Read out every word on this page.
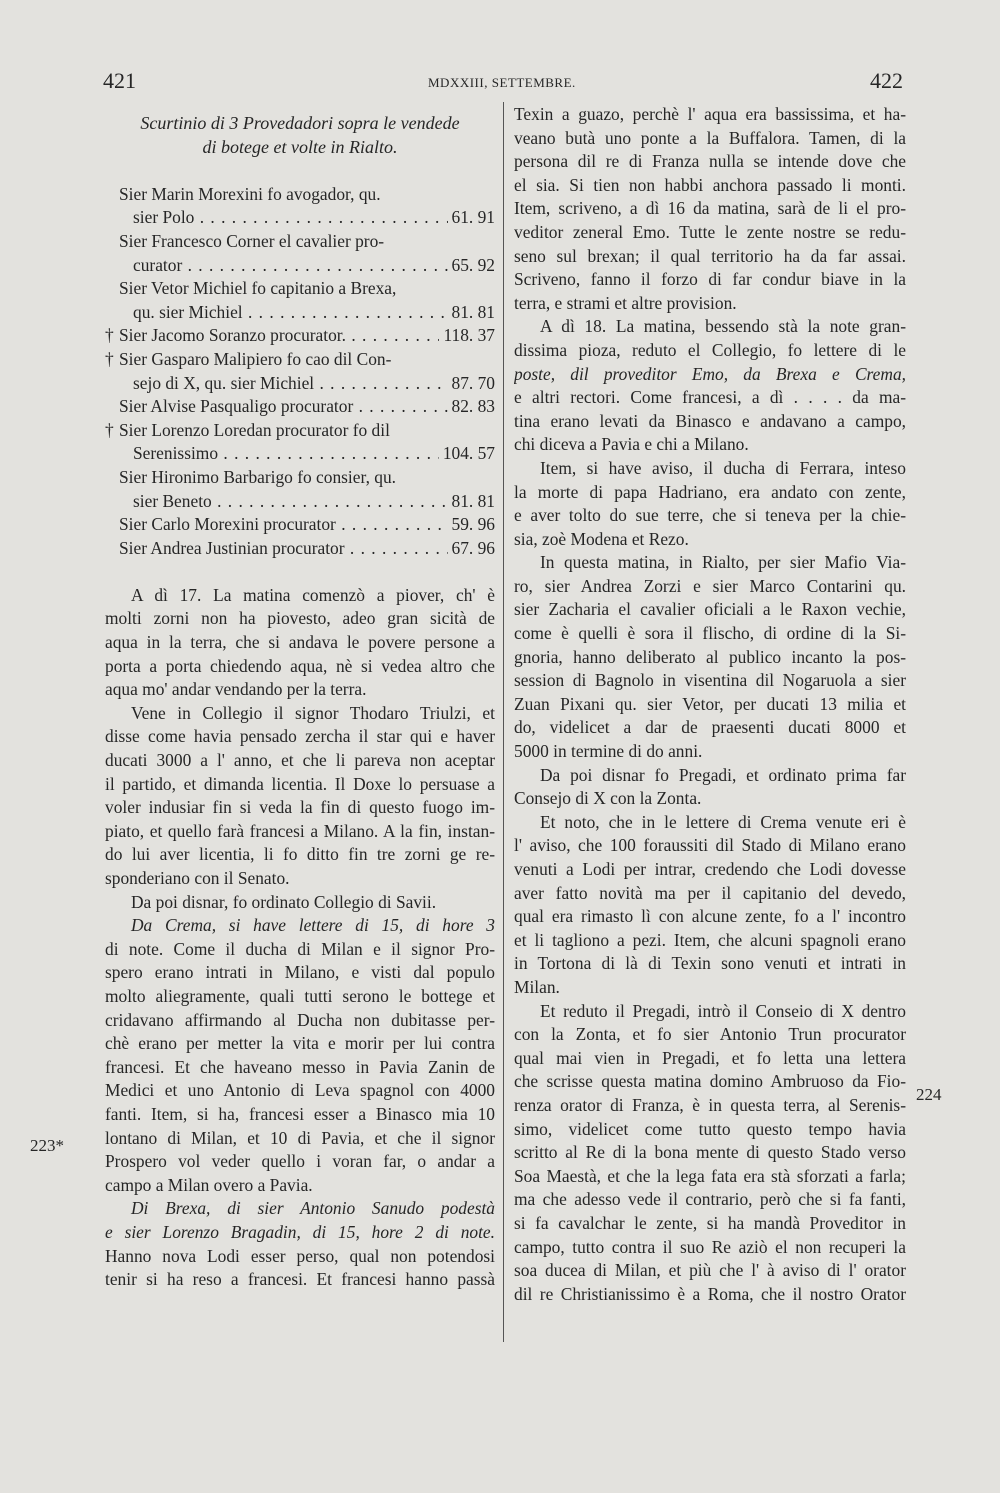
421	MDXXIII, SETTEMBRE.	422
223*
224
Scurtinio di 3 Provedadori sopra le vendede
di botege et volte in Rialto.
Sier Marin Morexini fo avogador, qu.
sier Polo . . .	61. 91
Sier Francesco Corner el cavalier pro-
curator . . .	65. 92
Sier Vetor Michiel fo capitanio a Brexa,
qu. sier Michiel . . .	81. 81
† Sier Jacomo Soranzo procurator. . . .	118. 37
† Sier Gasparo Malipiero fo cao dil Con-
sejo di X, qu. sier Michiel . . .	87. 70
Sier Alvise Pasqualigo procurator . . .	82. 83
† Sier Lorenzo Loredan procurator fo dil
Serenissimo . . .	104. 57
Sier Hironimo Barbarigo fo consier, qu.
sier Beneto . . .	81. 81
Sier Carlo Morexini procurator . . .	59. 96
Sier Andrea Justinian procurator . . .	67. 96
A dì 17. La matina comenzò a piover, ch' è
molti zorni non ha piovesto, adeo gran sicità de
aqua in la terra, che si andava le povere persone a
porta a porta chiedendo aqua, nè si vedea altro che
aqua mo' andar vendando per la terra.
Vene in Collegio il signor Thodaro Triulzi, et
disse come havia pensado zercha il star qui e haver
ducati 3000 a l' anno, et che li pareva non aceptar
il partido, et dimanda licentia. Il Doxe lo persuase a
voler indusiar fin si veda la fin di questo fuogo im-
piato, et quello farà francesi a Milano. A la fin, instan-
do lui aver licentia, li fo ditto fin tre zorni ge re-
sponderiano con il Senato.
Da poi disnar, fo ordinato Collegio di Savii.
Da Crema, si have lettere di 15, di hore 3
di note. Come il ducha di Milan e il signor Pro-
spero erano intrati in Milano, e visti dal populo
molto aliegramente, quali tutti serono le bottege et
cridavano affirmando al Ducha non dubitasse per-
chè erano per metter la vita e morir per lui contra
francesi. Et che haveano messo in Pavia Zanin de
Medici et uno Antonio di Leva spagnol con 4000
fanti. Item, si ha, francesi esser a Binasco mia 10
lontano di Milan, et 10 di Pavia, et che il signor
Prospero vol veder quello i voran far, o andar a
campo a Milan overo a Pavia.
Di Brexa, di sier Antonio Sanudo podestà
e sier Lorenzo Bragadin, di 15, hore 2 di note.
Hanno nova Lodi esser perso, qual non potendosi
tenir si ha reso a francesi. Et francesi hanno passà
Texin a guazo, perchè l' aqua era bassissima, et ha-
veano butà uno ponte a la Buffalora. Tamen, di la
persona dil re di Franza nulla se intende dove che
el sia. Si tien non habbi anchora passado li monti.
Item, scriveno, a dì 16 da matina, sarà de li el pro-
veditor zeneral Emo. Tutte le zente nostre se redu-
seno sul brexan; il qual territorio ha da far assai.
Scriveno, fanno il forzo di far condur biave in la
terra, e strami et altre provision.
A dì 18. La matina, bessendo stà la note gran-
dissima pioza, reduto el Collegio, fo lettere di le
poste, dil proveditor Emo, da Brexa e Crema,
e altri rectori. Come francesi, a dì . . . . da ma-
tina erano levati da Binasco e andavano a campo,
chi diceva a Pavia e chi a Milano.
Item, si have aviso, il ducha di Ferrara, inteso
la morte di papa Hadriano, era andato con zente,
e aver tolto do sue terre, che si teneva per la chie-
sia, zoè Modena et Rezo.
In questa matina, in Rialto, per sier Mafio Via-
ro, sier Andrea Zorzi e sier Marco Contarini qu.
sier Zacharia el cavalier oficiali a le Raxon vechie,
come è quelli è sora il flischo, di ordine di la Si-
gnoria, hanno deliberato al publico incanto la pos-
session di Bagnolo in visentina dil Nogaruola a sier
Zuan Pixani qu. sier Vetor, per ducati 13 milia et
do, videlicet a dar de praesenti ducati 8000 et
5000 in termine di do anni.
Da poi disnar fo Pregadi, et ordinato prima far
Consejo di X con la Zonta.
Et noto, che in le lettere di Crema venute eri è
l' aviso, che 100 foraussiti dil Stado di Milano erano
venuti a Lodi per intrar, credendo che Lodi dovesse
aver fatto novità ma per il capitanio del devedo,
qual era rimasto lì con alcune zente, fo a l' incontro
et li tagliono a pezi. Item, che alcuni spagnoli erano
in Tortona di là di Texin sono venuti et intrati in
Milan.
Et reduto il Pregadi, intrò il Conseio di X dentro
con la Zonta, et fo sier Antonio Trun procurator
qual mai vien in Pregadi, et fo letta una lettera
che scrisse questa matina domino Ambruoso da Fio-
renza orator di Franza, è in questa terra, al Serenis-
simo, videlicet come tutto questo tempo havia
scritto al Re di la bona mente di questo Stado verso
Soa Maestà, et che la lega fata era stà sforzati a farla;
ma che adesso vede il contrario, però che si fa fanti,
si fa cavalchar le zente, si ha mandà Proveditor in
campo, tutto contra il suo Re aziò el non recuperi la
soa ducea di Milan, et più che l' à aviso di l' orator
dil re Christianissimo è a Roma, che il nostro Orator
